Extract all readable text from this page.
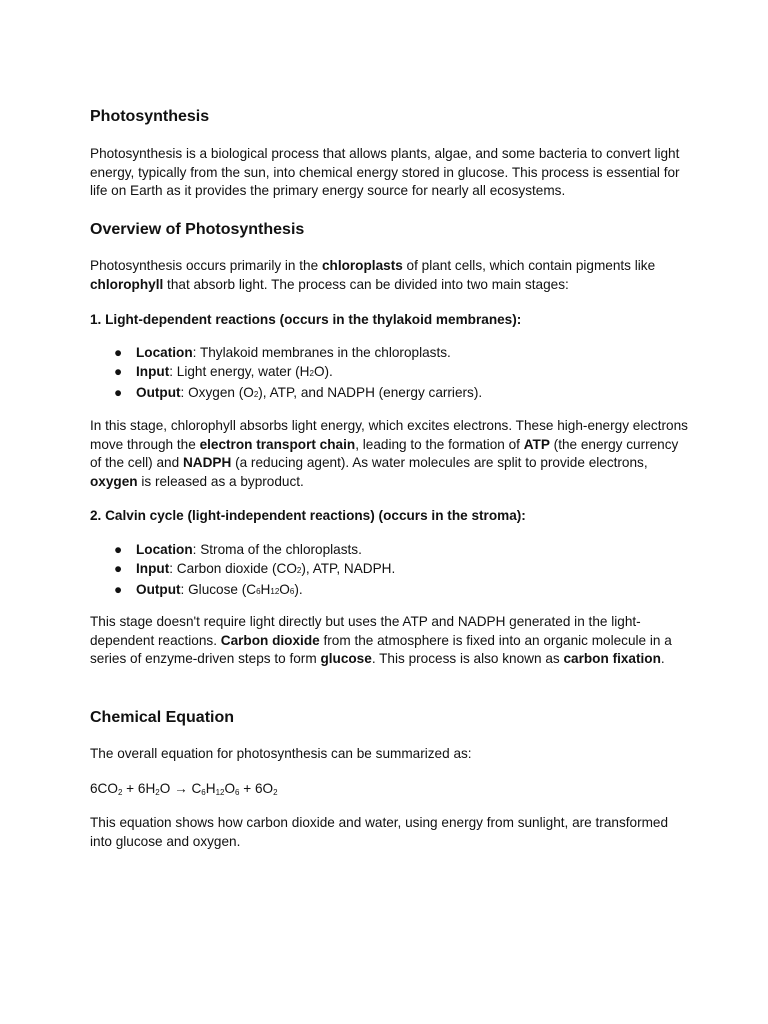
Photosynthesis

Photosynthesis is a biological process that allows plants, algae, and some bacteria to convert light energy, typically from the sun, into chemical energy stored in glucose. This process is essential for life on Earth as it provides the primary energy source for nearly all ecosystems.

Overview of Photosynthesis

Photosynthesis occurs primarily in the chloroplasts of plant cells, which contain pigments like chlorophyll that absorb light. The process can be divided into two main stages:

1. Light-dependent reactions (occurs in the thylakoid membranes):
● Location: Thylakoid membranes in the chloroplasts.
● Input: Light energy, water (H2O).
● Output: Oxygen (O2), ATP, and NADPH (energy carriers).

In this stage, chlorophyll absorbs light energy, which excites electrons. These high-energy electrons move through the electron transport chain, leading to the formation of ATP (the energy currency of the cell) and NADPH (a reducing agent). As water molecules are split to provide electrons, oxygen is released as a byproduct.

2. Calvin cycle (light-independent reactions) (occurs in the stroma):
● Location: Stroma of the chloroplasts.
● Input: Carbon dioxide (CO2), ATP, NADPH.
● Output: Glucose (C6H12O6).

This stage doesn't require light directly but uses the ATP and NADPH generated in the light-dependent reactions. Carbon dioxide from the atmosphere is fixed into an organic molecule in a series of enzyme-driven steps to form glucose. This process is also known as carbon fixation.

Chemical Equation

The overall equation for photosynthesis can be summarized as:

$6CO_2 + 6H_2O \to C_6H_{12}O_6 + 6O_2$

This equation shows how carbon dioxide and water, using energy from sunlight, are transformed into glucose and oxygen.
